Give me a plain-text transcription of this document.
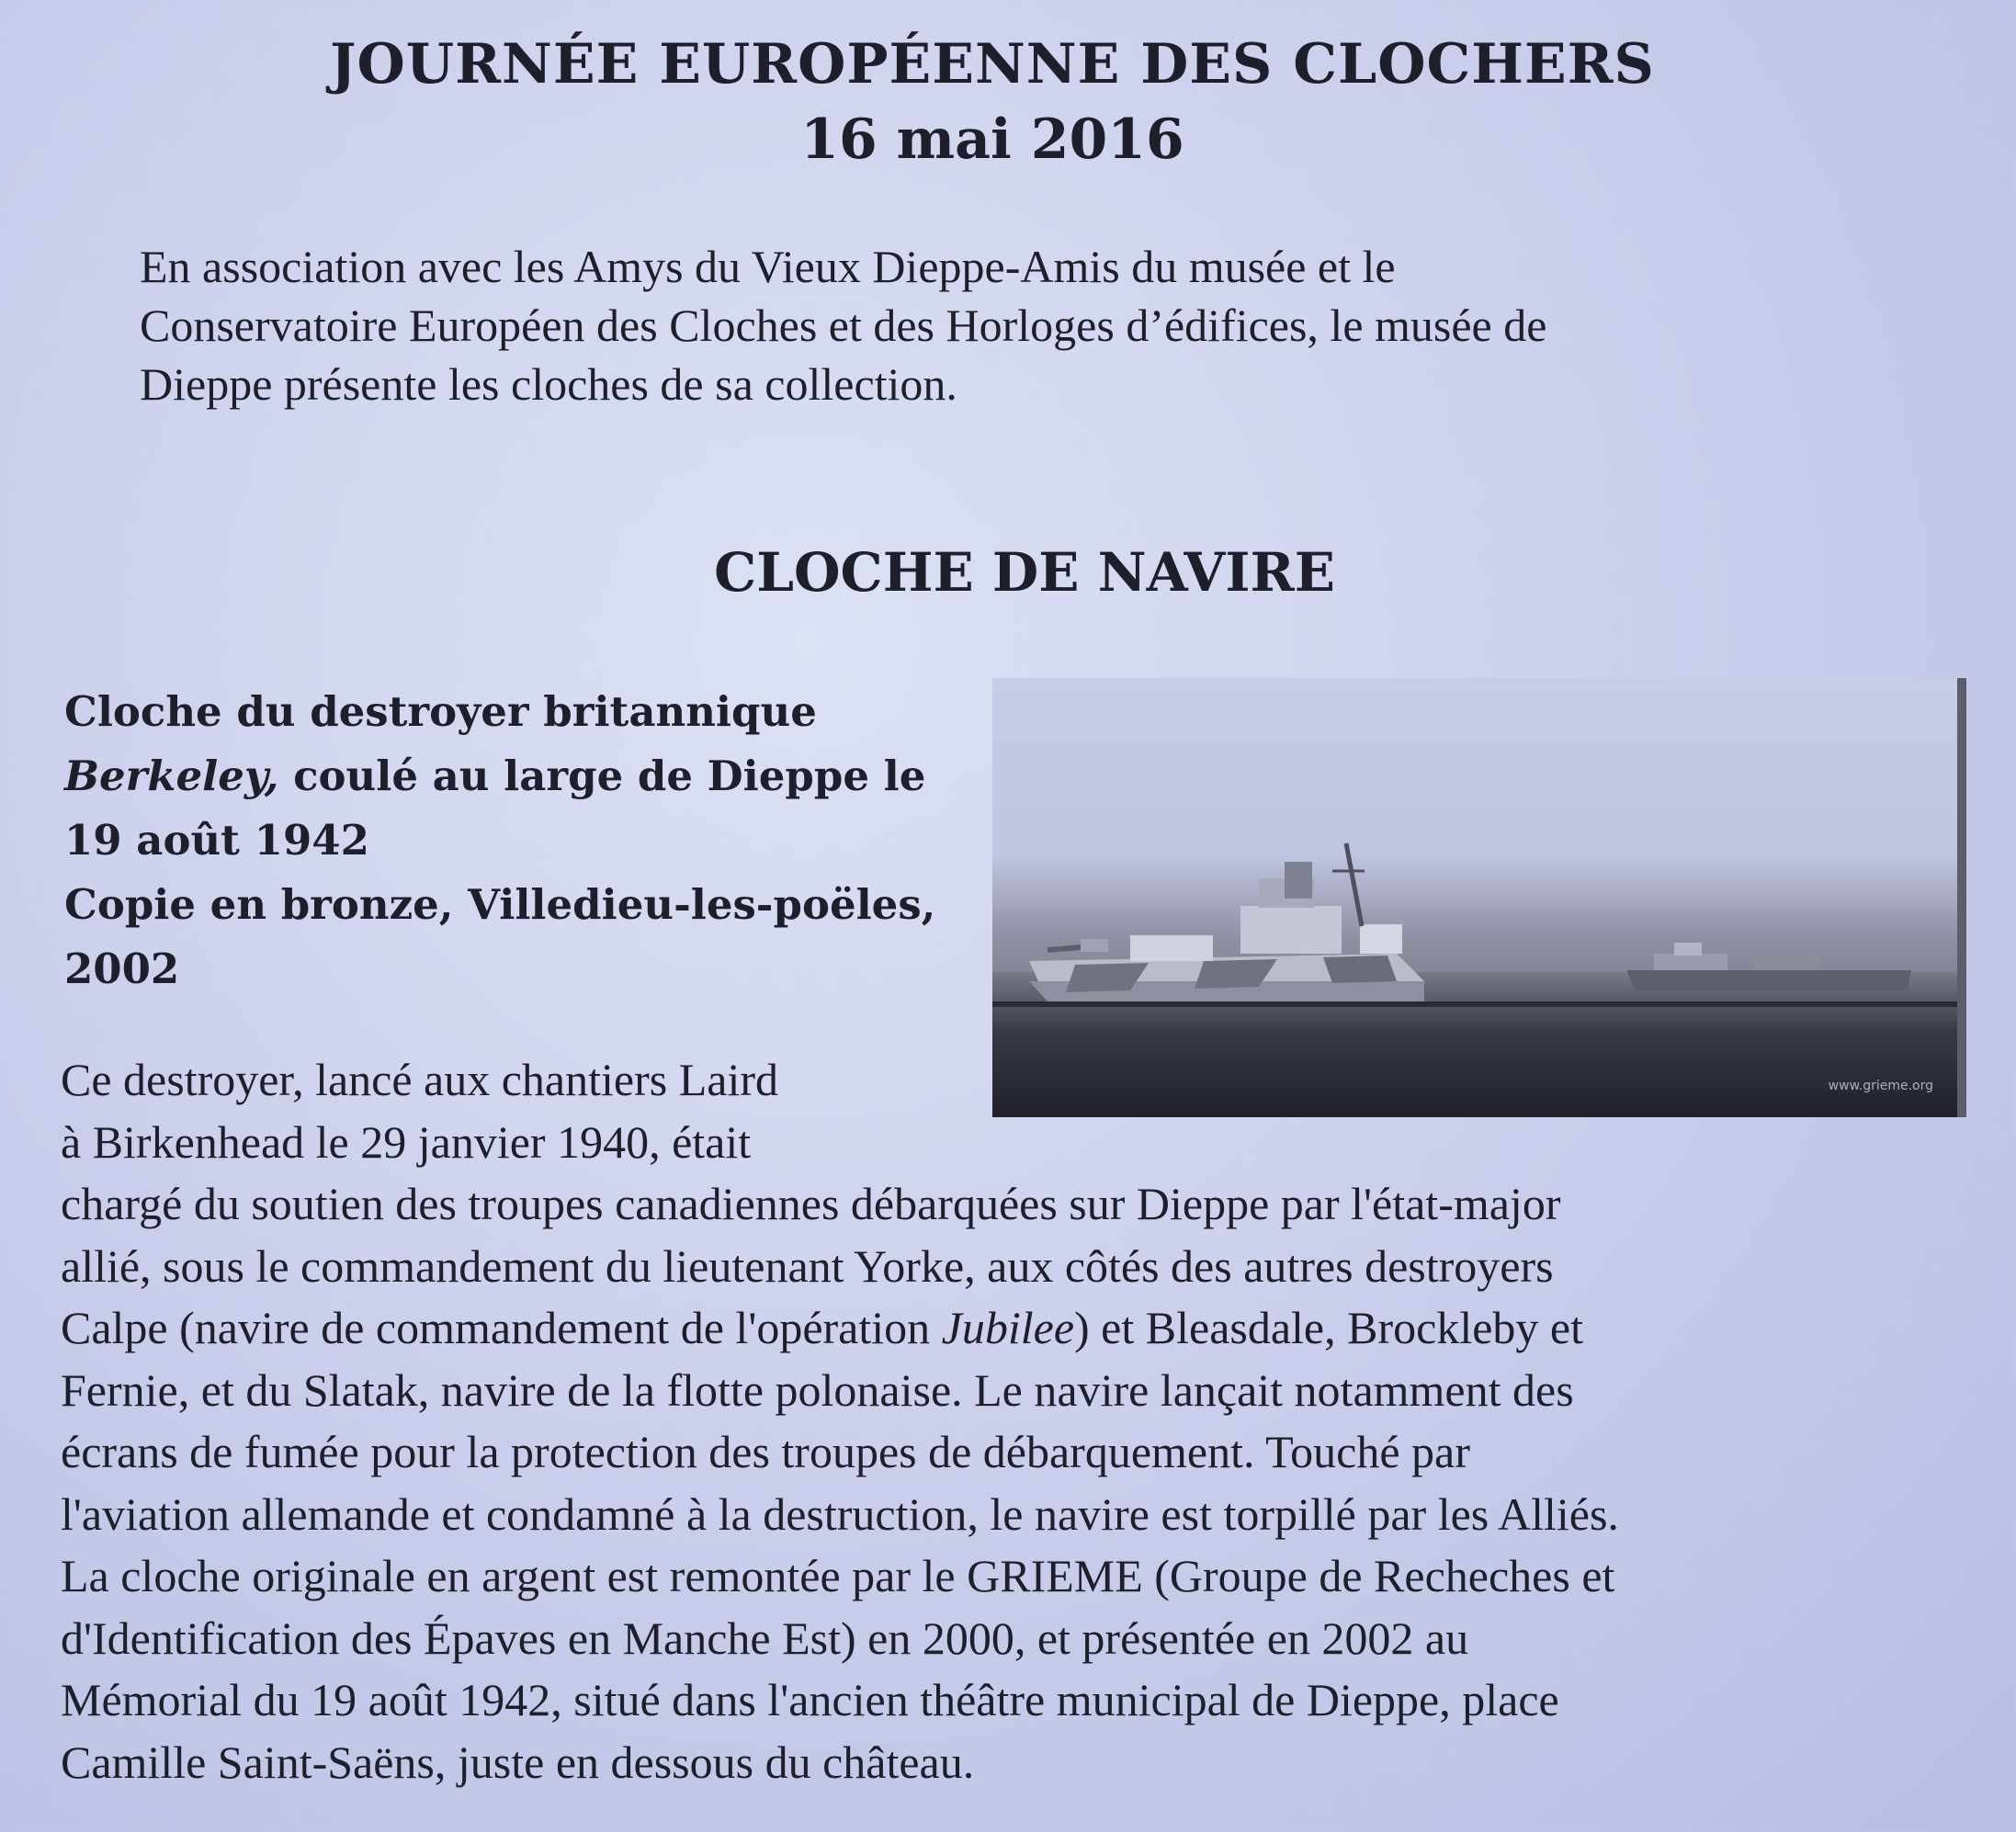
JOURNÉE EUROPÉENNE DES CLOCHERS
16 mai 2016

En association avec les Amys du Vieux Dieppe-Amis du musée et le
Conservatoire Européen des Cloches et des Horloges d’édifices, le musée de
Dieppe présente les cloches de sa collection.

CLOCHE DE NAVIRE

Cloche du destroyer britannique
Berkeley, coulé au large de Dieppe le
19 août 1942
Copie en bronze, Villedieu-les-poëles,
2002

www.grieme.org

Ce destroyer, lancé aux chantiers Laird
à Birkenhead le 29 janvier 1940, était
chargé du soutien des troupes canadiennes débarquées sur Dieppe par l'état-major
allié, sous le commandement du lieutenant Yorke, aux côtés des autres destroyers
Calpe (navire de commandement de l'opération Jubilee) et Bleasdale, Brockleby et
Fernie, et du Slatak, navire de la flotte polonaise. Le navire lançait notamment des
écrans de fumée pour la protection des troupes de débarquement. Touché par
l'aviation allemande et condamné à la destruction, le navire est torpillé par les Alliés.
La cloche originale en argent est remontée par le GRIEME (Groupe de Recheches et
d'Identification des Épaves en Manche Est) en 2000, et présentée en 2002 au
Mémorial du 19 août 1942, situé dans l'ancien théâtre municipal de Dieppe, place
Camille Saint-Saëns, juste en dessous du château.
